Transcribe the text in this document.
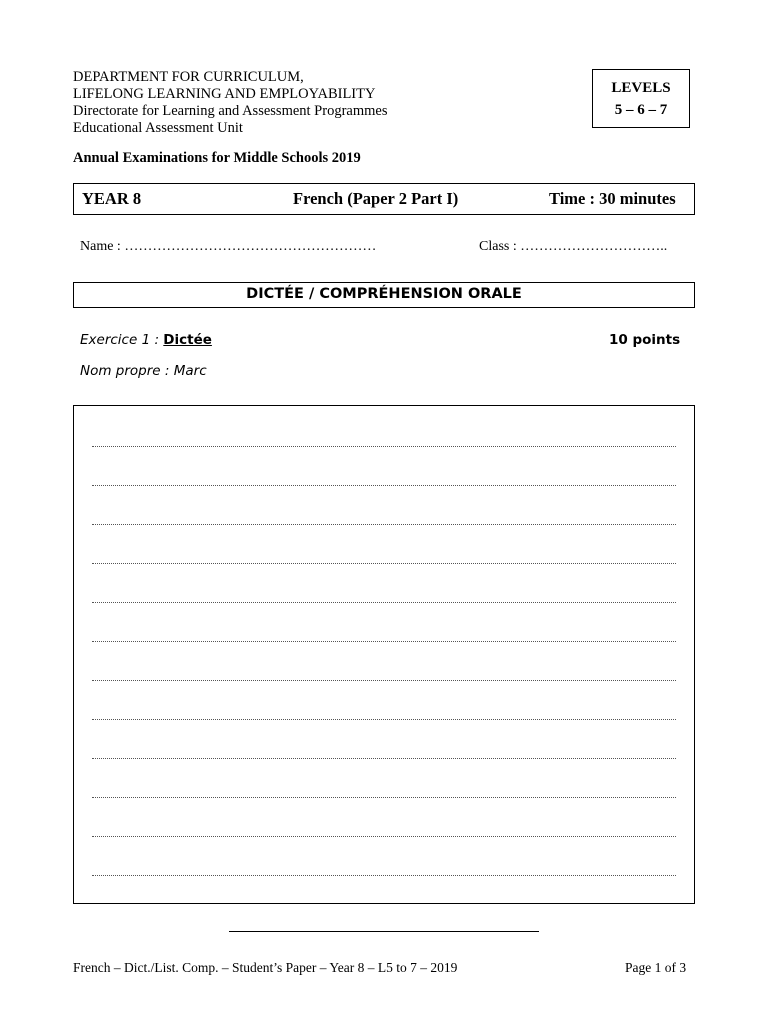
DEPARTMENT FOR CURRICULUM,
LIFELONG LEARNING AND EMPLOYABILITY
Directorate for Learning and Assessment Programmes
Educational Assessment Unit
LEVELS
5 – 6 – 7
Annual Examinations for Middle Schools 2019
YEAR 8	French (Paper 2 Part I)	Time : 30 minutes
Name : ………………………………………………	Class : …………………………..
DICTÉE / COMPRÉHENSION ORALE
Exercice 1 : Dictée	10 points
Nom propre : Marc
French – Dict./List. Comp. – Student’s Paper – Year 8 – L5 to 7 – 2019	Page 1 of 3
